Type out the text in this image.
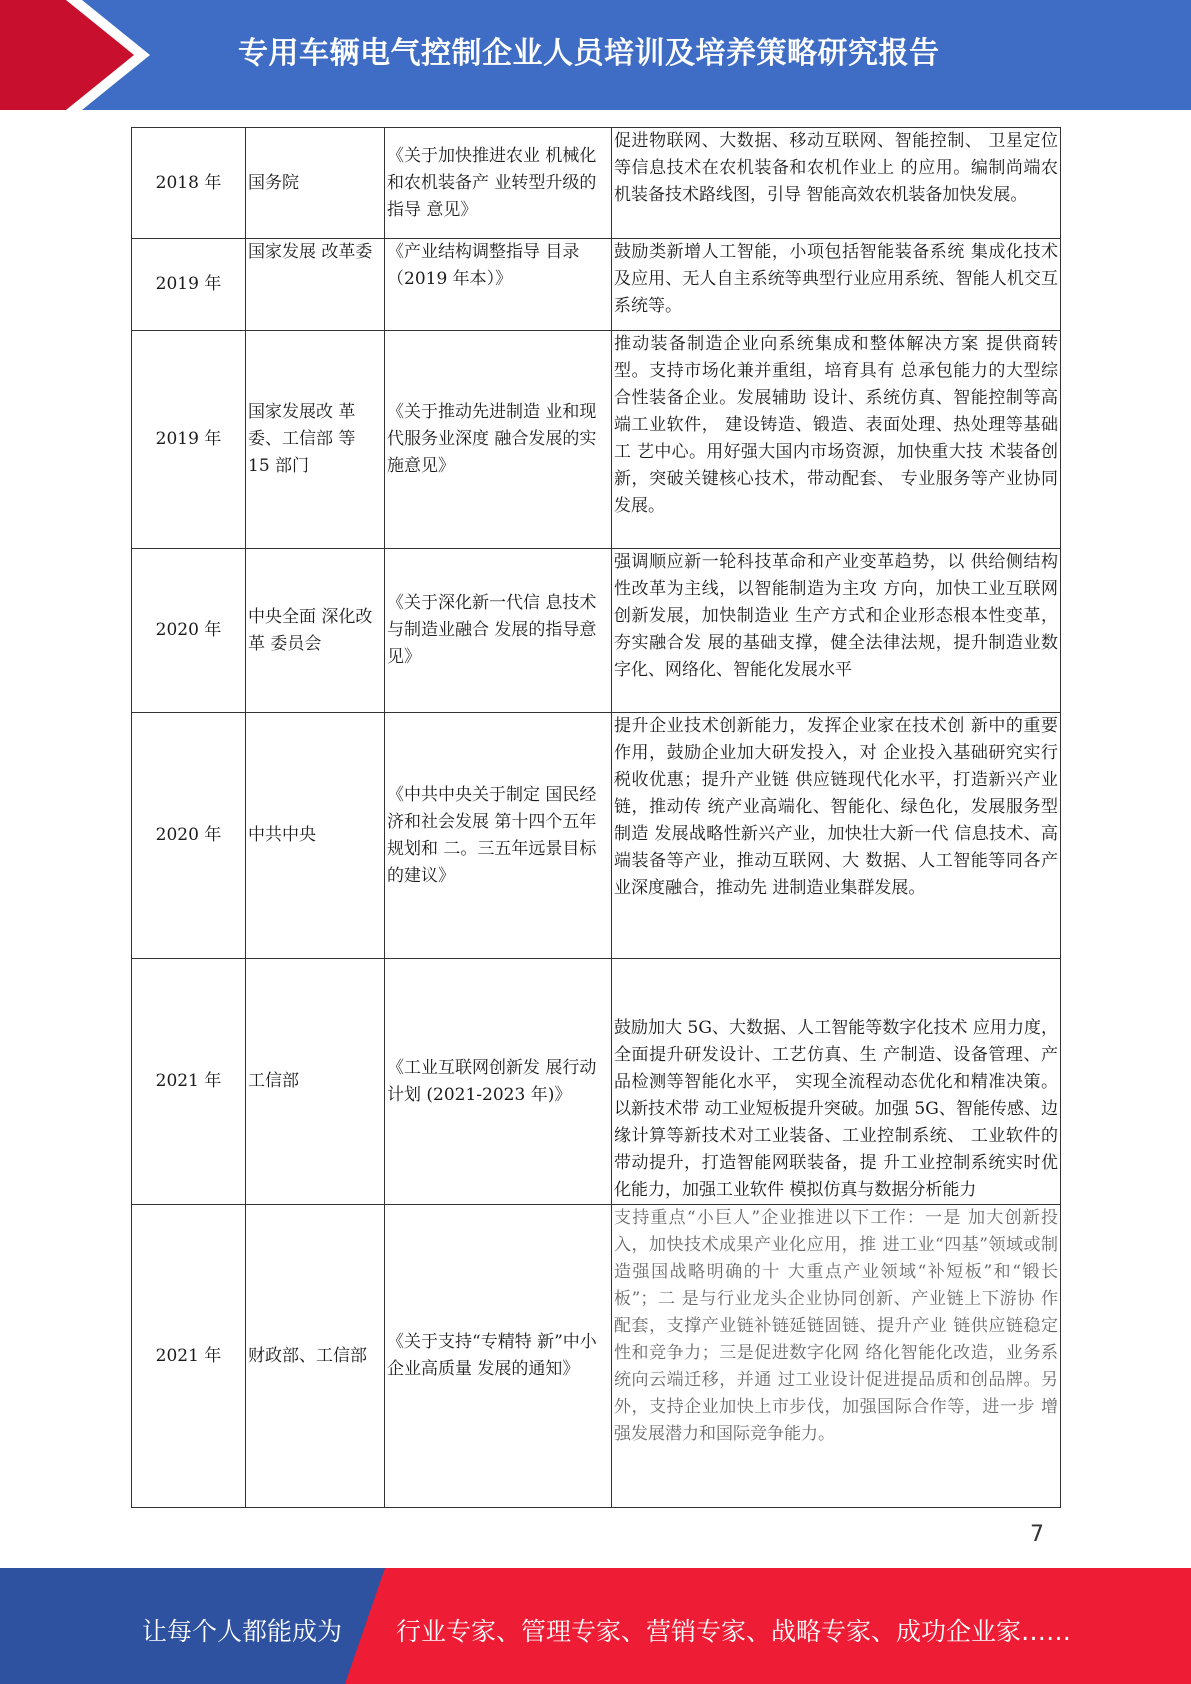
专用车辆电气控制企业人员培训及培养策略研究报告
2018 年	国务院	《关于加快推进农业 机械化和农机装备产 业转型升级的指导 意见》	促进物联网、大数据、移动互联网、智能控制、 卫星定位等信息技术在农机装备和农机作业上 的应用。编制尚端农机装备技术路线图，引导 智能高效农机装备加快发展。
2019 年	国家发展 改革委	《产业结构调整指导 目录（2019 年本）》	鼓励类新增人工智能，小项包括智能装备系统 集成化技术及应用、无人自主系统等典型行业应用系统、智能人机交互系统等。
2019 年	国家发展改 革委、工信部 等 15 部门	《关于推动先进制造 业和现代服务业深度 融合发展的实施意见》	推动装备制造企业向系统集成和整体解决方案 提供商转型。支持市场化兼并重组，培育具有 总承包能力的大型综合性装备企业。发展辅助 设计、系统仿真、智能控制等高端工业软件， 建设铸造、锻造、表面处理、热处理等基础工 艺中心。用好强大国内市场资源，加快重大技 术装备创新，突破关键核心技术，带动配套、 专业服务等产业协同发展。
2020 年	中央全面 深化改革 委员会	《关于深化新一代信 息技术与制造业融合 发展的指导意见》	强调顺应新一轮科技革命和产业变革趋势，以 供给侧结构性改革为主线，以智能制造为主攻 方向，加快工业互联网创新发展，加快制造业 生产方式和企业形态根本性变革，夯实融合发 展的基础支撑，健全法律法规，提升制造业数 字化、网络化、智能化发展水平
2020 年	中共中央	《中共中央关于制定 国民经济和社会发展 第十四个五年规划和 二。三五年远景目标 的建议》	提升企业技术创新能力，发挥企业家在技术创 新中的重要作用，鼓励企业加大研发投入，对 企业投入基础研究实行税收优惠；提升产业链 供应链现代化水平，打造新兴产业链，推动传 统产业高端化、智能化、绿色化，发展服务型 制造 发展战略性新兴产业，加快壮大新一代 信息技术、高端装备等产业，推动互联网、大 数据、人工智能等同各产业深度融合，推动先 进制造业集群发展。
2021 年	工信部	《工业互联网创新发 展行动计划 (2021-2023 年)》	鼓励加大 5G、大数据、人工智能等数字化技术 应用力度，全面提升研发设计、工艺仿真、生 产制造、设备管理、产品检测等智能化水平， 实现全流程动态优化和精准决策。以新技术带 动工业短板提升突破。加强 5G、智能传感、边 缘计算等新技术对工业装备、工业控制系统、 工业软件的带动提升，打造智能网联装备，提 升工业控制系统实时优化能力，加强工业软件 模拟仿真与数据分析能力
2021 年	财政部、工信部	《关于支持“专精特 新”中小企业高质量 发展的通知》	支持重点“小巨人”企业推进以下工作：一是 加大创新投入，加快技术成果产业化应用，推 进工业“四基”领域或制造强国战略明确的十 大重点产业领域“补短板”和“锻长板”；二 是与行业龙头企业协同创新、产业链上下游协 作配套，支撑产业链补链延链固链、提升产业 链供应链稳定性和竞争力；三是促进数字化网 络化智能化改造，业务系统向云端迁移，并通 过工业设计促进提品质和创品牌。另外，支持企业加快上市步伐，加强国际合作等，进一步 增强发展潜力和国际竞争能力。
7
让每个人都能成为 行业专家、管理专家、营销专家、战略专家、成功企业家……
